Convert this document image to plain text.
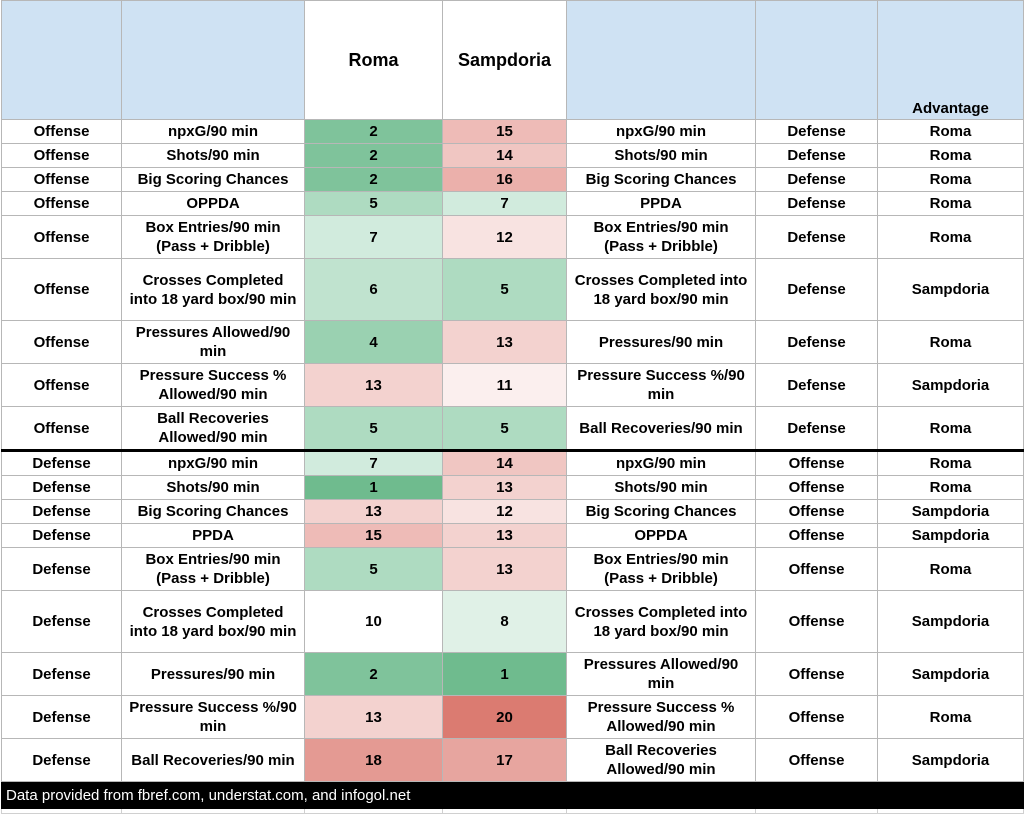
		Roma	Sampdoria			Advantage
Offense	npxG/90 min	2	15	npxG/90 min	Defense	Roma
Offense	Shots/90 min	2	14	Shots/90 min	Defense	Roma
Offense	Big Scoring Chances	2	16	Big Scoring Chances	Defense	Roma
Offense	OPPDA	5	7	PPDA	Defense	Roma
Offense	Box Entries/90 min (Pass + Dribble)	7	12	Box Entries/90 min (Pass + Dribble)	Defense	Roma
Offense	Crosses Completed into 18 yard box/90 min	6	5	Crosses Completed into 18 yard box/90 min	Defense	Sampdoria
Offense	Pressures Allowed/90 min	4	13	Pressures/90 min	Defense	Roma
Offense	Pressure Success % Allowed/90 min	13	11	Pressure Success %/90 min	Defense	Sampdoria
Offense	Ball Recoveries Allowed/90 min	5	5	Ball Recoveries/90 min	Defense	Roma
Defense	npxG/90 min	7	14	npxG/90 min	Offense	Roma
Defense	Shots/90 min	1	13	Shots/90 min	Offense	Roma
Defense	Big Scoring Chances	13	12	Big Scoring Chances	Offense	Sampdoria
Defense	PPDA	15	13	OPPDA	Offense	Sampdoria
Defense	Box Entries/90 min (Pass + Dribble)	5	13	Box Entries/90 min (Pass + Dribble)	Offense	Roma
Defense	Crosses Completed into 18 yard box/90 min	10	8	Crosses Completed into 18 yard box/90 min	Offense	Sampdoria
Defense	Pressures/90 min	2	1	Pressures Allowed/90 min	Offense	Sampdoria
Defense	Pressure Success %/90 min	13	20	Pressure Success % Allowed/90 min	Offense	Roma
Defense	Ball Recoveries/90 min	18	17	Ball Recoveries Allowed/90 min	Offense	Sampdoria
Data provided from fbref.com, understat.com, and infogol.net						
